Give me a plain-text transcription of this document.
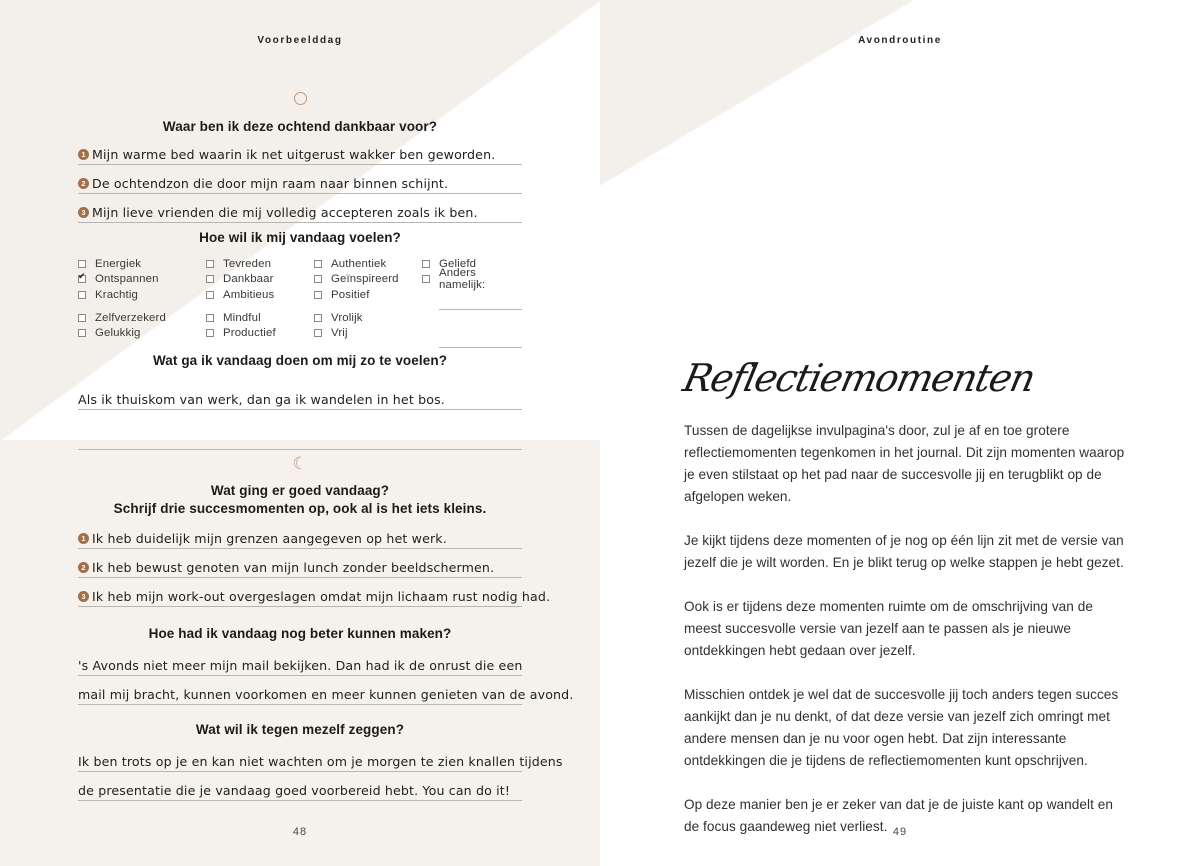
Voorbeelddag
Waar ben ik deze ochtend dankbaar voor?
1 Mijn warme bed waarin ik net uitgerust wakker ben geworden.
2 De ochtendzon die door mijn raam naar binnen schijnt.
3 Mijn lieve vrienden die mij volledig accepteren zoals ik ben.
Hoe wil ik mij vandaag voelen?
Energiek	Tevreden	Authentiek	Geliefd
✔
Ontspannen	Dankbaar	Geïnspireerd	Anders namelijk:
Krachtig	Ambitieus	Positief
Zelfverzekerd	Mindful	Vrolijk
Gelukkig	Productief	Vrij
Wat ga ik vandaag doen om mij zo te voelen?
Als ik thuiskom van werk, dan ga ik wandelen in het bos.
☾
Wat ging er goed vandaag?
Schrijf drie succesmomenten op, ook al is het iets kleins.
1 Ik heb duidelijk mijn grenzen aangegeven op het werk.
2 Ik heb bewust genoten van mijn lunch zonder beeldschermen.
3 Ik heb mijn work-out overgeslagen omdat mijn lichaam rust nodig had.
Hoe had ik vandaag nog beter kunnen maken?
's Avonds niet meer mijn mail bekijken. Dan had ik de onrust die een
mail mij bracht, kunnen voorkomen en meer kunnen genieten van de avond.
Wat wil ik tegen mezelf zeggen?
Ik ben trots op je en kan niet wachten om je morgen te zien knallen tijdens
de presentatie die je vandaag goed voorbereid hebt. You can do it!
48
Avondroutine
49
Reflectiemomenten

Tussen de dagelijkse invulpagina's door, zul je af en toe grotere reflectiemomenten tegenkomen in het journal. Dit zijn momenten waarop je even stilstaat op het pad naar de succesvolle jij en terugblikt op de afgelopen weken.

Je kijkt tijdens deze momenten of je nog op één lijn zit met de versie van jezelf die je wilt worden. En je blikt terug op welke stappen je hebt gezet.

Ook is er tijdens deze momenten ruimte om de omschrijving van de meest succesvolle versie van jezelf aan te passen als je nieuwe ontdekkingen hebt gedaan over jezelf.

Misschien ontdek je wel dat de succesvolle jij toch anders tegen succes aankijkt dan je nu denkt, of dat deze versie van jezelf zich omringt met andere mensen dan je nu voor ogen hebt. Dat zijn interessante ontdekkingen die je tijdens de reflectiemomenten kunt opschrijven.

Op deze manier ben je er zeker van dat je de juiste kant op wandelt en de focus gaandeweg niet verliest.
